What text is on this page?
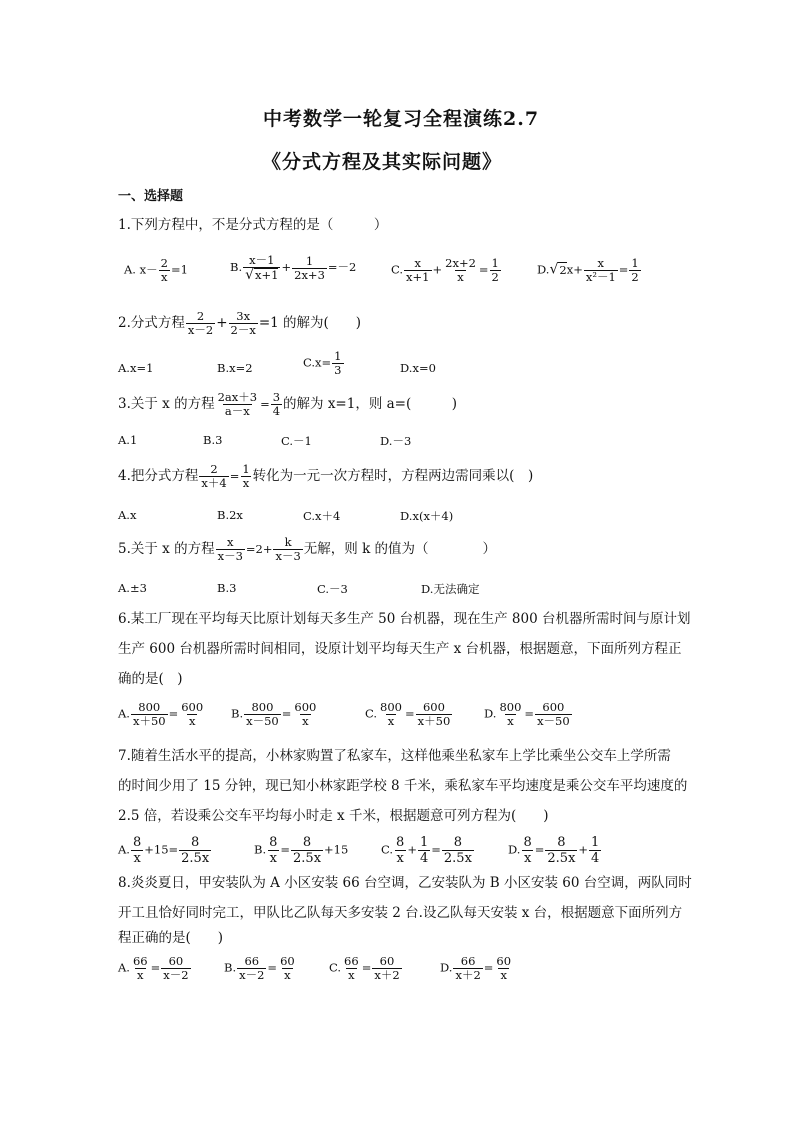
中考数学一轮复习全程演练2.7
《分式方程及其实际问题》
一、选择题
1.下列方程中，不是分式方程的是（　　　）
A. $x- \frac{2}{x} =1$	B. $\frac{x-1}{√x+1} + \frac{1}{2x+3} =-2$	C. $\frac{x}{x+1} + \frac{2x+2}{x} = \frac{1}{2}$	$D.√2x+ \frac{x}{\text{x²－1}} = \frac{1}{2}$
2.分式方程 $\frac{2}{x-2} + \frac{3x}{2-x} =1$ 的解为(　　)
A.x=1	B.x=2	$C.x= \frac{1}{3}$	D.x=0
3.关于 x 的方程 $\frac{2ax+3}{a-x} = \frac{3}{4}$ 的解为 x=1，则 a=(　　　)
A.1	B.3	C.－1	D.－3
4.把分式方程 $\frac{2}{x+4} = \frac{1}{x}$ 转化为一元一次方程时，方程两边需同乘以(　)
A.x	B.2x	C.x＋4	D.x(x＋4)
5.关于 x 的方程 $\frac{x}{x-3} =2+ \frac{k}{x-3}$ 无解，则 k 的值为（　　　　）
A.±3	B.3	C.－3	D.无法确定
6.某工厂现在平均每天比原计划每天多生产 50 台机器，现在生产 800 台机器所需时间与原计划
生产 600 台机器所需时间相同，设原计划平均每天生产 x 台机器，根据题意，下面所列方程正
确的是(　)
A. $\frac{800}{x+50} = \frac{600}{x} B$. $\frac{800}{x-50} = \frac{600}{x}$	C. $\frac{800}{x} = \frac{600}{x+50}$	D. $\frac{800}{x} = \frac{600}{x-50}$
7.随着生活水平的提高，小林家购置了私家车，这样他乘坐私家车上学比乘坐公交车上学所需
的时间少用了 15 分钟，现已知小林家距学校 8 千米，乘私家车平均速度是乘公交车平均速度的
2.5 倍，若设乘公交车平均每小时走 x 千米，根据题意可列方程为(　　)
A. $\frac{8}{x} +15= \frac{8}{2.5x}$	B. $\frac{8}{x} = \frac{8}{2.5x} +15$	C. $\frac{8}{x} + \frac{1}{4} = \frac{8}{2.5x}$	D. $\frac{8}{x} = \frac{8}{2.5x} + \frac{1}{4}$
8.炎炎夏日，甲安装队为 A 小区安装 66 台空调，乙安装队为 B 小区安装 60 台空调，两队同时
开工且恰好同时完工，甲队比乙队每天多安装 2 台.设乙队每天安装 x 台，根据题意下面所列方
程正确的是(　　)
A. $\frac{66}{x} = \frac{60}{x-2}$	B. $\frac{66}{x-2} = \frac{60}{x}$	C. $\frac{66}{x} = \frac{60}{x+2}$	D. $\frac{66}{x+2} = \frac{60}{x}$
